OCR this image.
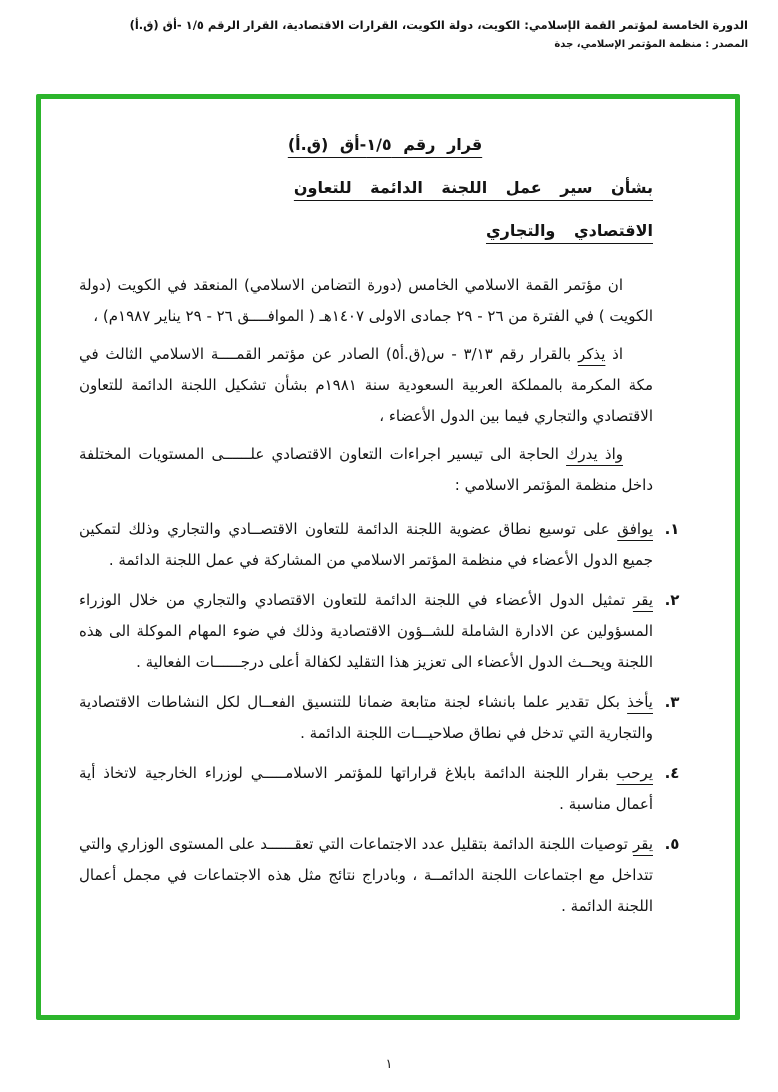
الدورة الخامسة لمؤتمر القمة الإسلامي: الكويت، دولة الكويت، القرارات الاقتصادية، القرار الرقم ١/٥ -أق (ق.أ)
المصدر : منظمة المؤتمر الإسلامي، جدة
قرار رقم ١/٥-أق (ق.أ)
بشأن سير عمل اللجنة الدائمة للتعاون
الاقتصادي والتجاري
ان مؤتمر القمة الاسلامي الخامس (دورة التضامن الاسلامي) المنعقد في الكويت (دولة الكويت ) في الفترة من ٢٦ - ٢٩ جمادى الاولى ١٤٠٧هـ ( الموافــــق ٢٦ - ٢٩ يناير ١٩٨٧م) ،
اذ يذكر بالقرار رقم ٣/١٣ - س(ق.أ٥) الصادر عن مؤتمر القمــــة الاسلامي الثالث في مكة المكرمة بالمملكة العربية السعودية سنة ١٩٨١م بشأن تشكيل اللجنة الدائمة للتعاون الاقتصادي والتجاري فيما بين الدول الأعضاء ،
واذ يدرك الحاجة الى تيسير اجراءات التعاون الاقتصادي علــــــى المستويات المختلفة داخل منظمة المؤتمر الاسلامي :
١.
يوافق على توسيع نطاق عضوية اللجنة الدائمة للتعاون الاقتصــادي والتجاري وذلك لتمكين جميع الدول الأعضاء في منظمة المؤتمر الاسلامي من المشاركة في عمل اللجنة الدائمة .
٢.
يقر تمثيل الدول الأعضاء في اللجنة الدائمة للتعاون الاقتصادي والتجاري من خلال الوزراء المسؤولين عن الادارة الشاملة للشــؤون الاقتصادية وذلك في ضوء المهام الموكلة الى هذه اللجنة ويحــث الدول الأعضاء الى تعزيز هذا التقليد لكفالة أعلى درجــــــات الفعالية .
٣.
يأخذ بكل تقدير علما بانشاء لجنة متابعة ضمانا للتنسيق الفعــال لكل النشاطات الاقتصادية والتجارية التي تدخل في نطاق صلاحيـــات اللجنة الدائمة .
٤.
يرحب بقرار اللجنة الدائمة بابلاغ قراراتها للمؤتمر الاسلامـــــي لوزراء الخارجية لاتخاذ أية أعمال مناسبة .
٥.
يقر توصيات اللجنة الدائمة بتقليل عدد الاجتماعات التي تعقــــــد على المستوى الوزاري والتي تتداخل مع اجتماعات اللجنة الدائمــة ، وبادراج نتائج مثل هذه الاجتماعات في مجمل أعمال اللجنة الدائمة .
١
